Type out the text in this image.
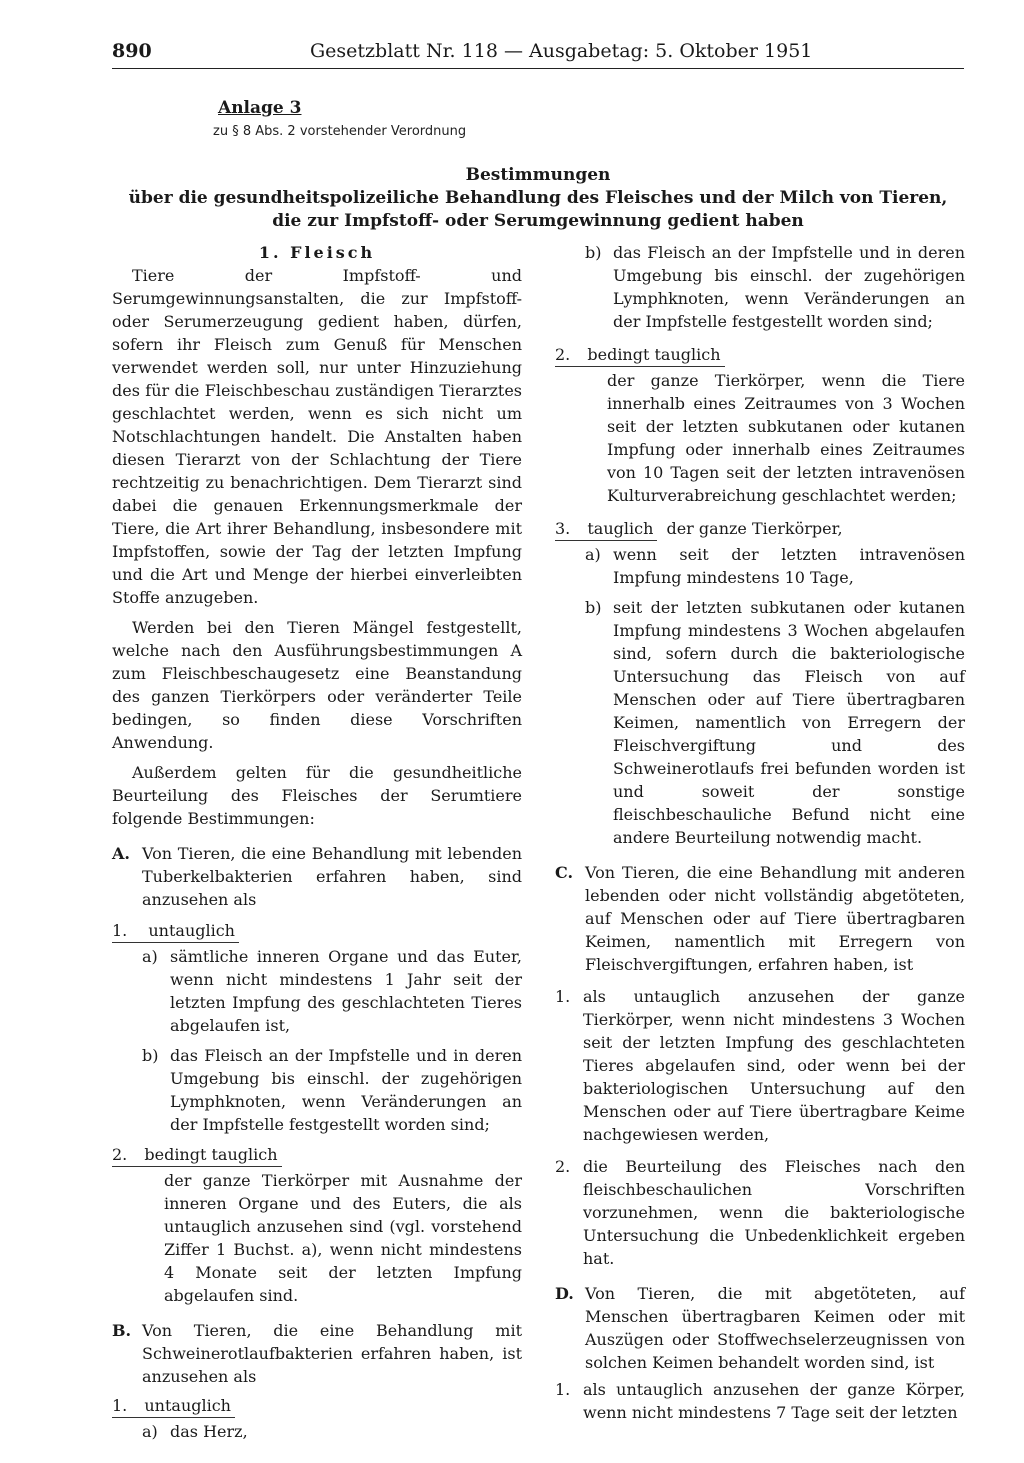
890	Gesetzblatt Nr. 118 — Ausgabetag: 5. Oktober 1951
Anlage 3
zu § 8 Abs. 2 vorstehender Verordnung
Bestimmungen
über die gesundheitspolizeiliche Behandlung des Fleisches und der Milch von Tieren,
die zur Impfstoff- oder Serumgewinnung gedient haben

1. Fleisch

Tiere der Impfstoff- und Serumgewinnungsanstalten, die zur Impfstoff- oder Serumerzeugung gedient haben, dürfen, sofern ihr Fleisch zum Genuß für Menschen verwendet werden soll, nur unter Hinzuziehung des für die Fleischbeschau zuständigen Tierarztes geschlachtet werden, wenn es sich nicht um Notschlachtungen handelt. Die Anstalten haben diesen Tierarzt von der Schlachtung der Tiere rechtzeitig zu benachrichtigen. Dem Tierarzt sind dabei die genauen Erkennungsmerkmale der Tiere, die Art ihrer Behandlung, insbesondere mit Impfstoffen, sowie der Tag der letzten Impfung und die Art und Menge der hierbei einverleibten Stoffe anzugeben.

Werden bei den Tieren Mängel festgestellt, welche nach den Ausführungsbestimmungen A zum Fleischbeschaugesetz eine Beanstandung des ganzen Tierkörpers oder veränderter Teile bedingen, so finden diese Vorschriften Anwendung.

Außerdem gelten für die gesundheitliche Beurteilung des Fleisches der Serumtiere folgende Bestimmungen:

A. Von Tieren, die eine Behandlung mit lebenden Tuberkelbakterien erfahren haben, sind anzusehen als
1. untauglich
a) sämtliche inneren Organe und das Euter, wenn nicht mindestens 1 Jahr seit der letzten Impfung des geschlachteten Tieres abgelaufen ist,
b) das Fleisch an der Impfstelle und in deren Umgebung bis einschl. der zugehörigen Lymphknoten, wenn Veränderungen an der Impfstelle festgestellt worden sind;
2. bedingt tauglich

der ganze Tierkörper mit Ausnahme der inneren Organe und des Euters, die als untauglich anzusehen sind (vgl. vorstehend Ziffer 1 Buchst. a), wenn nicht mindestens 4 Monate seit der letzten Impfung abgelaufen sind.

B. Von Tieren, die eine Behandlung mit Schweinerotlaufbakterien erfahren haben, ist anzusehen als
1. untauglich
a) das Herz,
b) das Fleisch an der Impfstelle und in deren Umgebung bis einschl. der zugehörigen Lymphknoten, wenn Veränderungen an der Impfstelle festgestellt worden sind;
2. bedingt tauglich

der ganze Tierkörper, wenn die Tiere innerhalb eines Zeitraumes von 3 Wochen seit der letzten subkutanen oder kutanen Impfung oder innerhalb eines Zeitraumes von 10 Tagen seit der letzten intravenösen Kulturverabreichung geschlachtet werden;

3. tauglich der ganze Tierkörper,
a) wenn seit der letzten intravenösen Impfung mindestens 10 Tage,
b) seit der letzten subkutanen oder kutanen Impfung mindestens 3 Wochen abgelaufen sind, sofern durch die bakteriologische Untersuchung das Fleisch von auf Menschen oder auf Tiere übertragbaren Keimen, namentlich von Erregern der Fleischvergiftung und des Schweinerotlaufs frei befunden worden ist und soweit der sonstige fleischbeschauliche Befund nicht eine andere Beurteilung notwendig macht.
C. Von Tieren, die eine Behandlung mit anderen lebenden oder nicht vollständig abgetöteten, auf Menschen oder auf Tiere übertragbaren Keimen, namentlich mit Erregern von Fleischvergiftungen, erfahren haben, ist
1. als untauglich anzusehen der ganze Tierkörper, wenn nicht mindestens 3 Wochen seit der letzten Impfung des geschlachteten Tieres abgelaufen sind, oder wenn bei der bakteriologischen Untersuchung auf den Menschen oder auf Tiere übertragbare Keime nachgewiesen werden,
2. die Beurteilung des Fleisches nach den fleischbeschaulichen Vorschriften vorzunehmen, wenn die bakteriologische Untersuchung die Unbedenklichkeit ergeben hat.
D. Von Tieren, die mit abgetöteten, auf Menschen übertragbaren Keimen oder mit Auszügen oder Stoffwechselerzeugnissen von solchen Keimen behandelt worden sind, ist
1. als untauglich anzusehen der ganze Körper, wenn nicht mindestens 7 Tage seit der letzten
